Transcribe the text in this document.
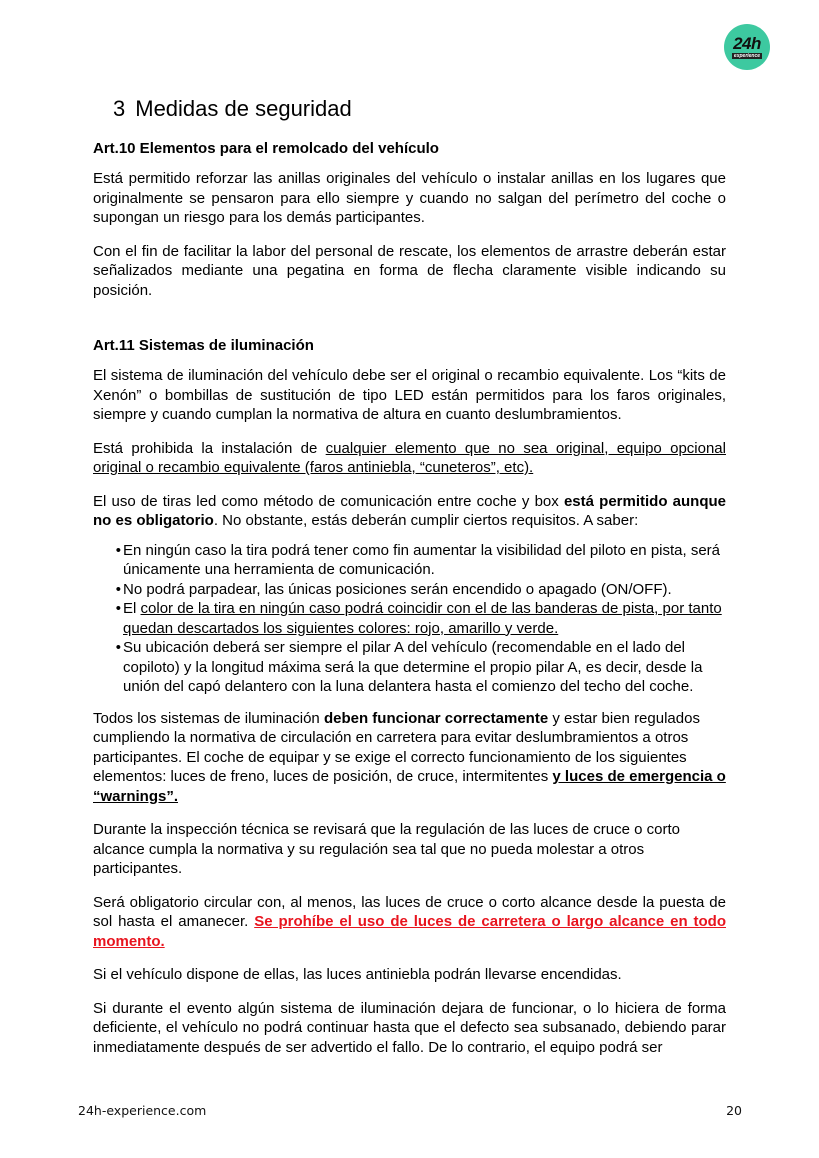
24h
experience
3 Medidas de seguridad
Art.10 Elementos para el remolcado del vehículo

Está permitido reforzar las anillas originales del vehículo o instalar anillas en los lugares que originalmente se pensaron para ello siempre y cuando no salgan del perímetro del coche o supongan un riesgo para los demás participantes.

Con el fin de facilitar la labor del personal de rescate, los elementos de arrastre deberán estar señalizados mediante una pegatina en forma de flecha claramente visible indicando su posición.

Art.11 Sistemas de iluminación

El sistema de iluminación del vehículo debe ser el original o recambio equivalente. Los “kits de Xenón” o bombillas de sustitución de tipo LED están permitidos para los faros originales, siempre y cuando cumplan la normativa de altura en cuanto deslumbramientos.

Está prohibida la instalación de cualquier elemento que no sea original, equipo opcional original o recambio equivalente (faros antiniebla, “cuneteros”, etc).

El uso de tiras led como método de comunicación entre coche y box está permitido aunque no es obligatorio. No obstante, estás deberán cumplir ciertos requisitos. A saber:

• En ningún caso la tira podrá tener como fin aumentar la visibilidad del piloto en pista, será únicamente una herramienta de comunicación.
• No podrá parpadear, las únicas posiciones serán encendido o apagado (ON/OFF).
• El color de la tira en ningún caso podrá coincidir con el de las banderas de pista, por tanto quedan descartados los siguientes colores: rojo, amarillo y verde.
• Su ubicación deberá ser siempre el pilar A del vehículo (recomendable en el lado del copiloto) y la longitud máxima será la que determine el propio pilar A, es decir, desde la unión del capó delantero con la luna delantera hasta el comienzo del techo del coche.

Todos los sistemas de iluminación deben funcionar correctamente y estar bien regulados cumpliendo la normativa de circulación en carretera para evitar deslumbramientos a otros participantes. El coche de equipar y se exige el correcto funcionamiento de los siguientes elementos: luces de freno, luces de posición, de cruce, intermitentes y luces de emergencia o “warnings”.

Durante la inspección técnica se revisará que la regulación de las luces de cruce o corto alcance cumpla la normativa y su regulación sea tal que no pueda molestar a otros participantes.

Será obligatorio circular con, al menos, las luces de cruce o corto alcance desde la puesta de sol hasta el amanecer. Se prohíbe el uso de luces de carretera o largo alcance en todo momento.

Si el vehículo dispone de ellas, las luces antiniebla podrán llevarse encendidas.

Si durante el evento algún sistema de iluminación dejara de funcionar, o lo hiciera de forma deficiente, el vehículo no podrá continuar hasta que el defecto sea subsanado, debiendo parar inmediatamente después de ser advertido el fallo. De lo contrario, el equipo podrá ser

24h-experience.com	20
